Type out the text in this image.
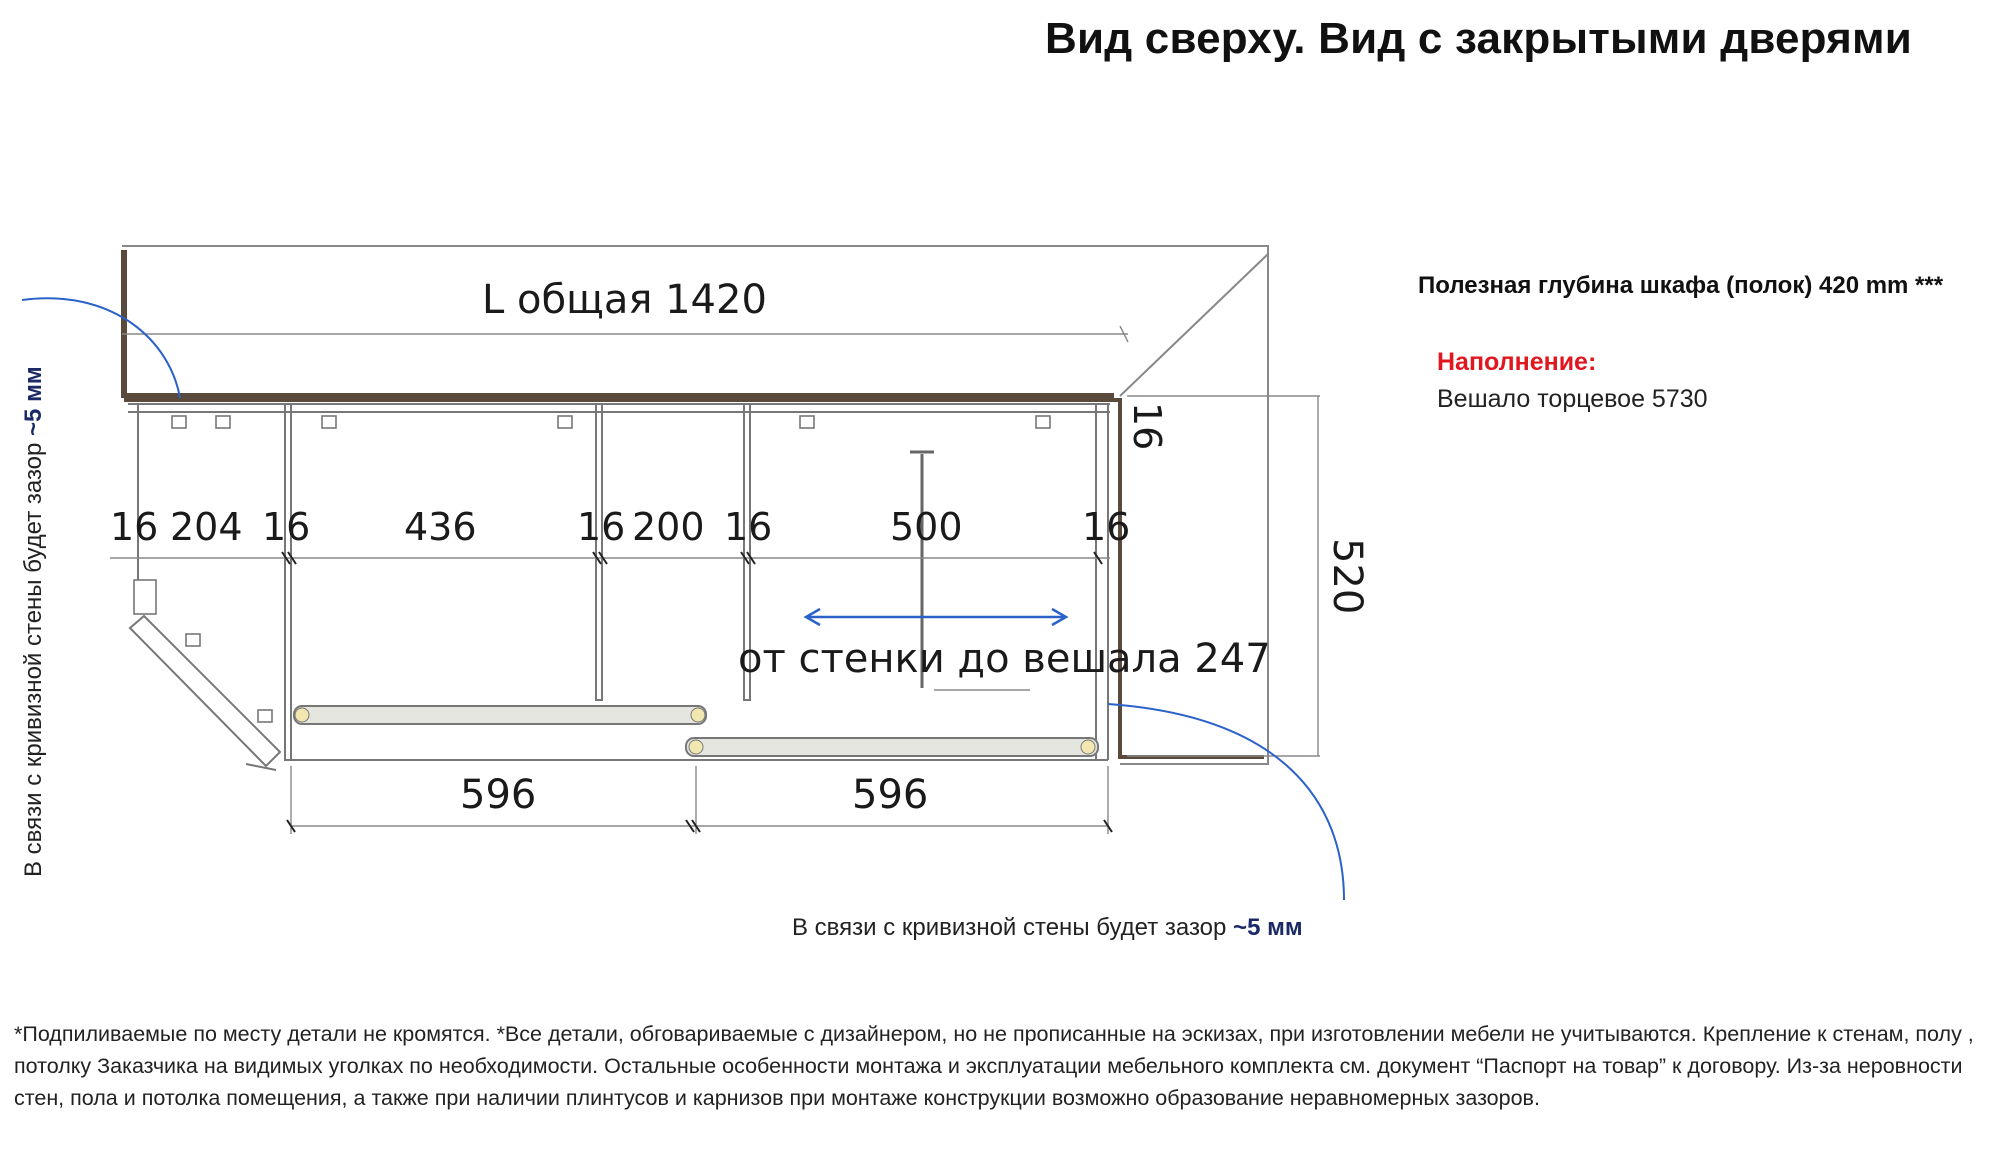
Вид сверху. Вид с закрытыми дверями
L общая 1420
16
520
от стенки до вешала 247
16 204 16 436	16 200 16	500	16
596	596
Полезная глубина шкафа (полок) 420 mm ***
Наполнение:
Вешало торцевое 5730
В связи с кривизной стены будет зазор ~5 мм
В связи с кривизной стены будет зазор ~5 мм
*Подпиливаемые по месту детали не кромятся. *Все детали, обговариваемые с дизайнером, но не прописанные на эскизах, при изготовлении мебели не учитываются. Крепление к стенам, полу , потолку Заказчика на видимых уголках по необходимости. Остальные особенности монтажа и эксплуатации мебельного комплекта см. документ “Паспорт на товар” к договору. Из-за неровности стен, пола и потолка помещения, а также при наличии плинтусов и карнизов при монтаже конструкции возможно образование неравномерных зазоров.
